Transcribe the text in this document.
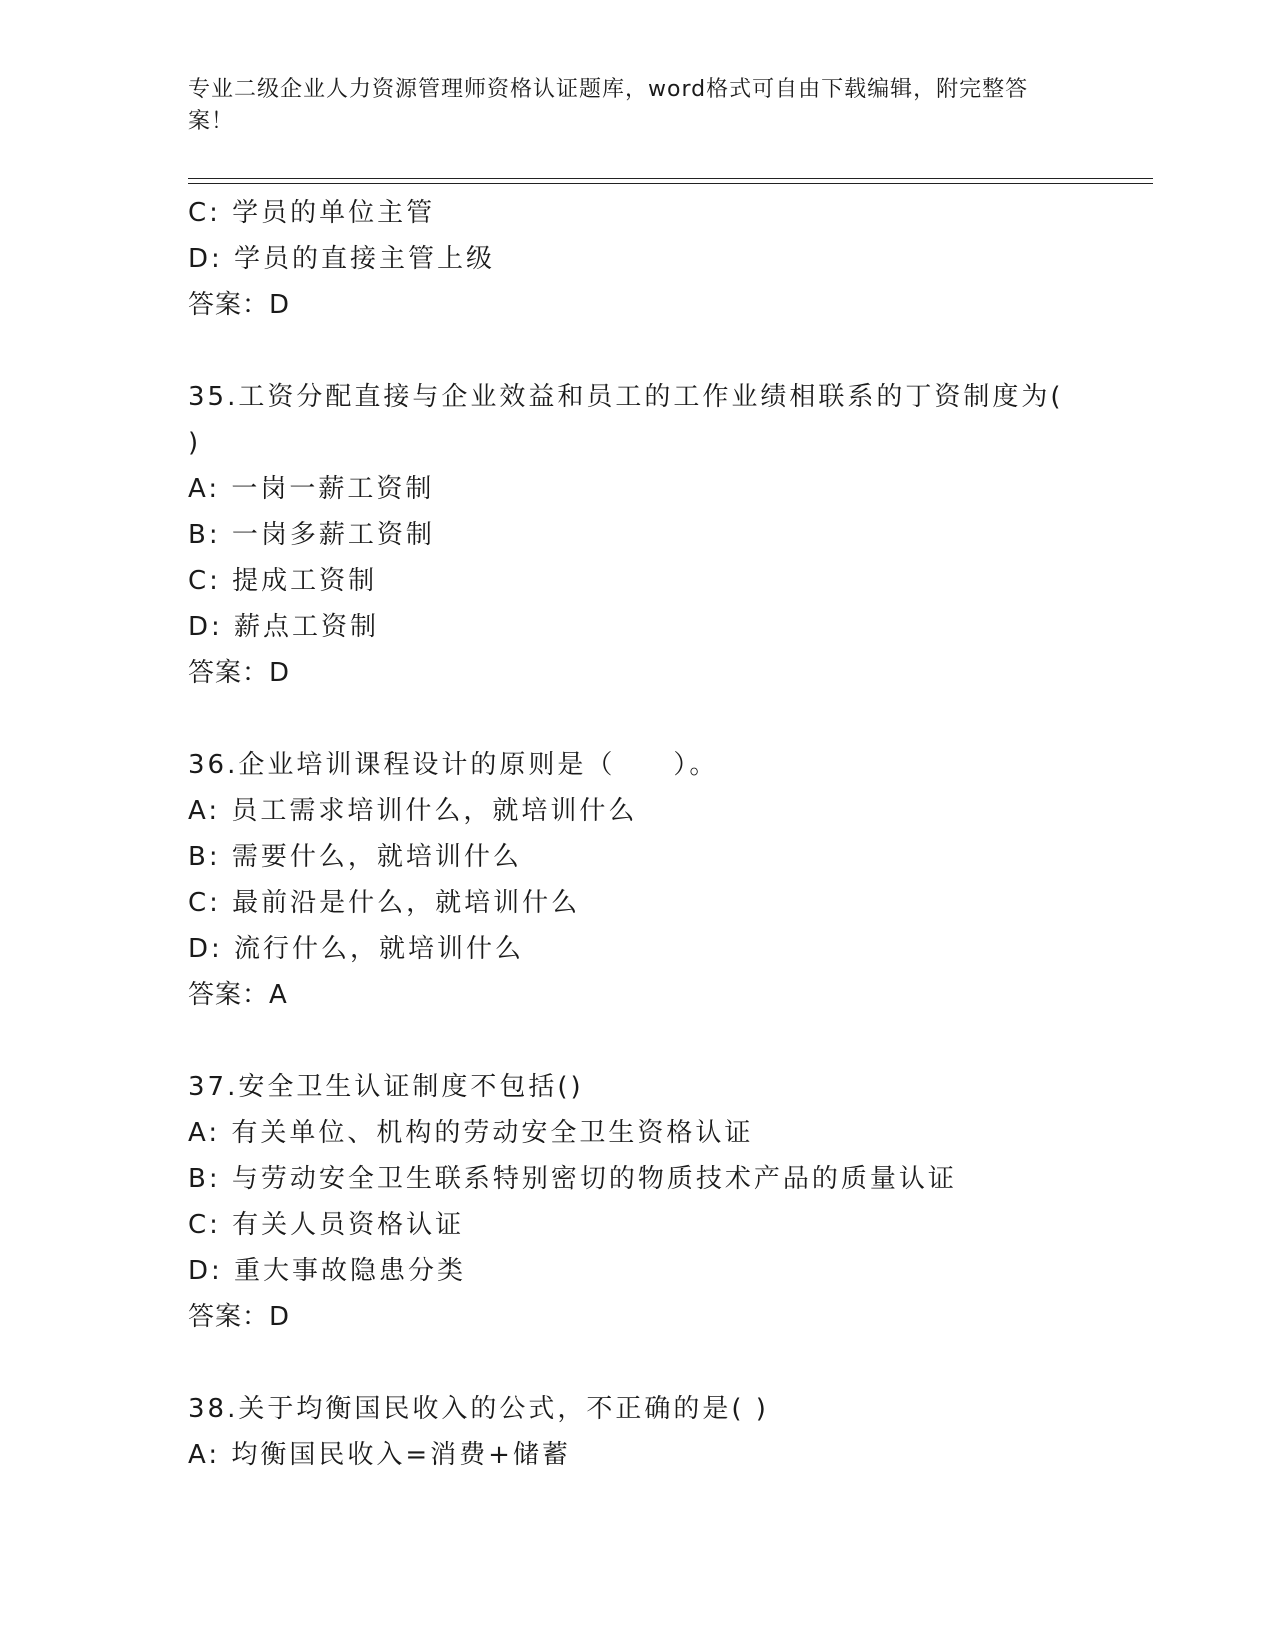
专业二级企业人力资源管理师资格认证题库，word格式可自由下载编辑，附完整答案！
C: 学员的单位主管
D: 学员的直接主管上级
答案：D
35.工资分配直接与企业效益和员工的工作业绩相联系的丁资制度为(
)
A: 一岗一薪工资制
B: 一岗多薪工资制
C: 提成工资制
D: 薪点工资制
答案：D
36.企业培训课程设计的原则是（　　）。
A: 员工需求培训什么，就培训什么
B: 需要什么，就培训什么
C: 最前沿是什么，就培训什么
D: 流行什么，就培训什么
答案：A
37.安全卫生认证制度不包括()
A: 有关单位、机构的劳动安全卫生资格认证
B: 与劳动安全卫生联系特别密切的物质技术产品的质量认证
C: 有关人员资格认证
D: 重大事故隐患分类
答案：D
38.关于均衡国民收入的公式，不正确的是( )
A: 均衡国民收入=消费+储蓄
